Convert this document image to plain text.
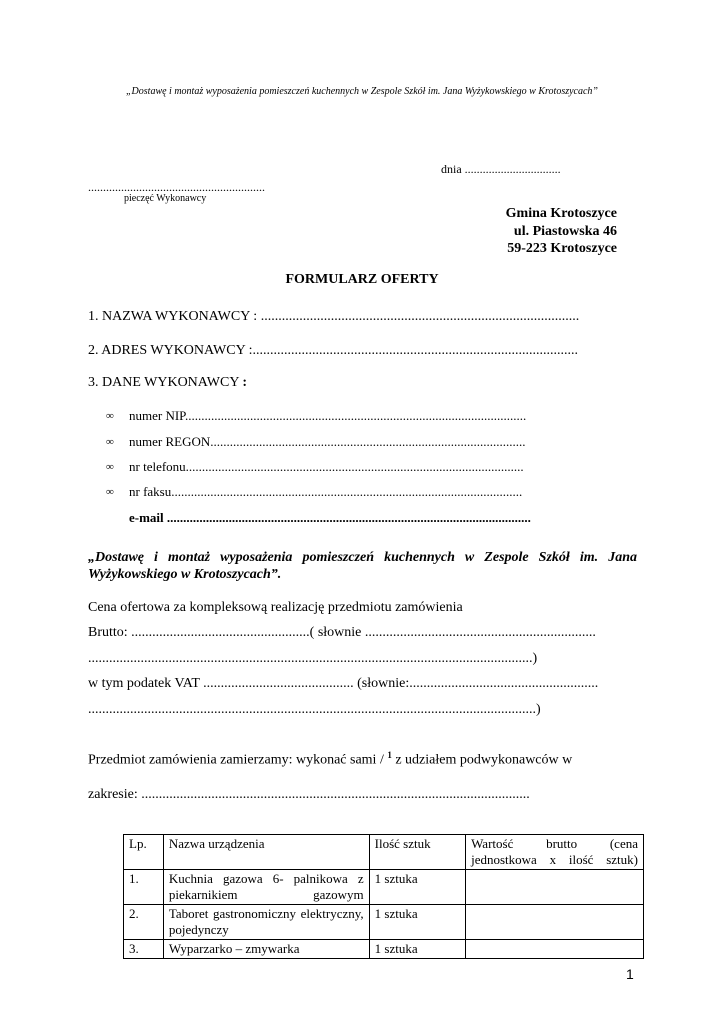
„Dostawę i montaż wyposażenia pomieszczeń kuchennych w Zespole Szkół im. Jana Wyżykowskiego w Krotoszycach”
dnia ................................
...........................................................
pieczęć Wykonawcy
Gmina Krotoszyce
ul. Piastowska 46
59-223 Krotoszyce
FORMULARZ OFERTY
1. NAZWA WYKONAWCY : ...........................................................................................
2. ADRES WYKONAWCY :.............................................................................................
3. DANE WYKONAWCY :
∞ numer NIP.........................................................................................................
∞ numer REGON.................................................................................................
∞ nr telefonu........................................................................................................
∞ nr faksu............................................................................................................
e-mail ................................................................................................................
„Dostawę i montaż wyposażenia pomieszczeń kuchennych w Zespole Szkół im. Jana Wyżykowskiego w Krotoszycach”.
Cena ofertowa za kompleksową realizację przedmiotu zamówienia
Brutto: ...................................................( słownie ..................................................................
...............................................................................................................................)
w tym podatek VAT ........................................... (słownie:......................................................
................................................................................................................................)
Przedmiot zamówienia zamierzamy: wykonać sami / $^1$ z udziałem podwykonawców w
zakresie: ...............................................................................................................
Lp.	Nazwa urządzenia	Ilość sztuk	Wartość brutto (cena jednostkowa x ilość sztuk)
1.	Kuchnia gazowa 6- palnikowa z piekarnikiem gazowym	1 sztuka	
2.	Taboret gastronomiczny elektryczny, pojedynczy	1 sztuka	
3.	Wyparzarko – zmywarka	1 sztuka	
1
